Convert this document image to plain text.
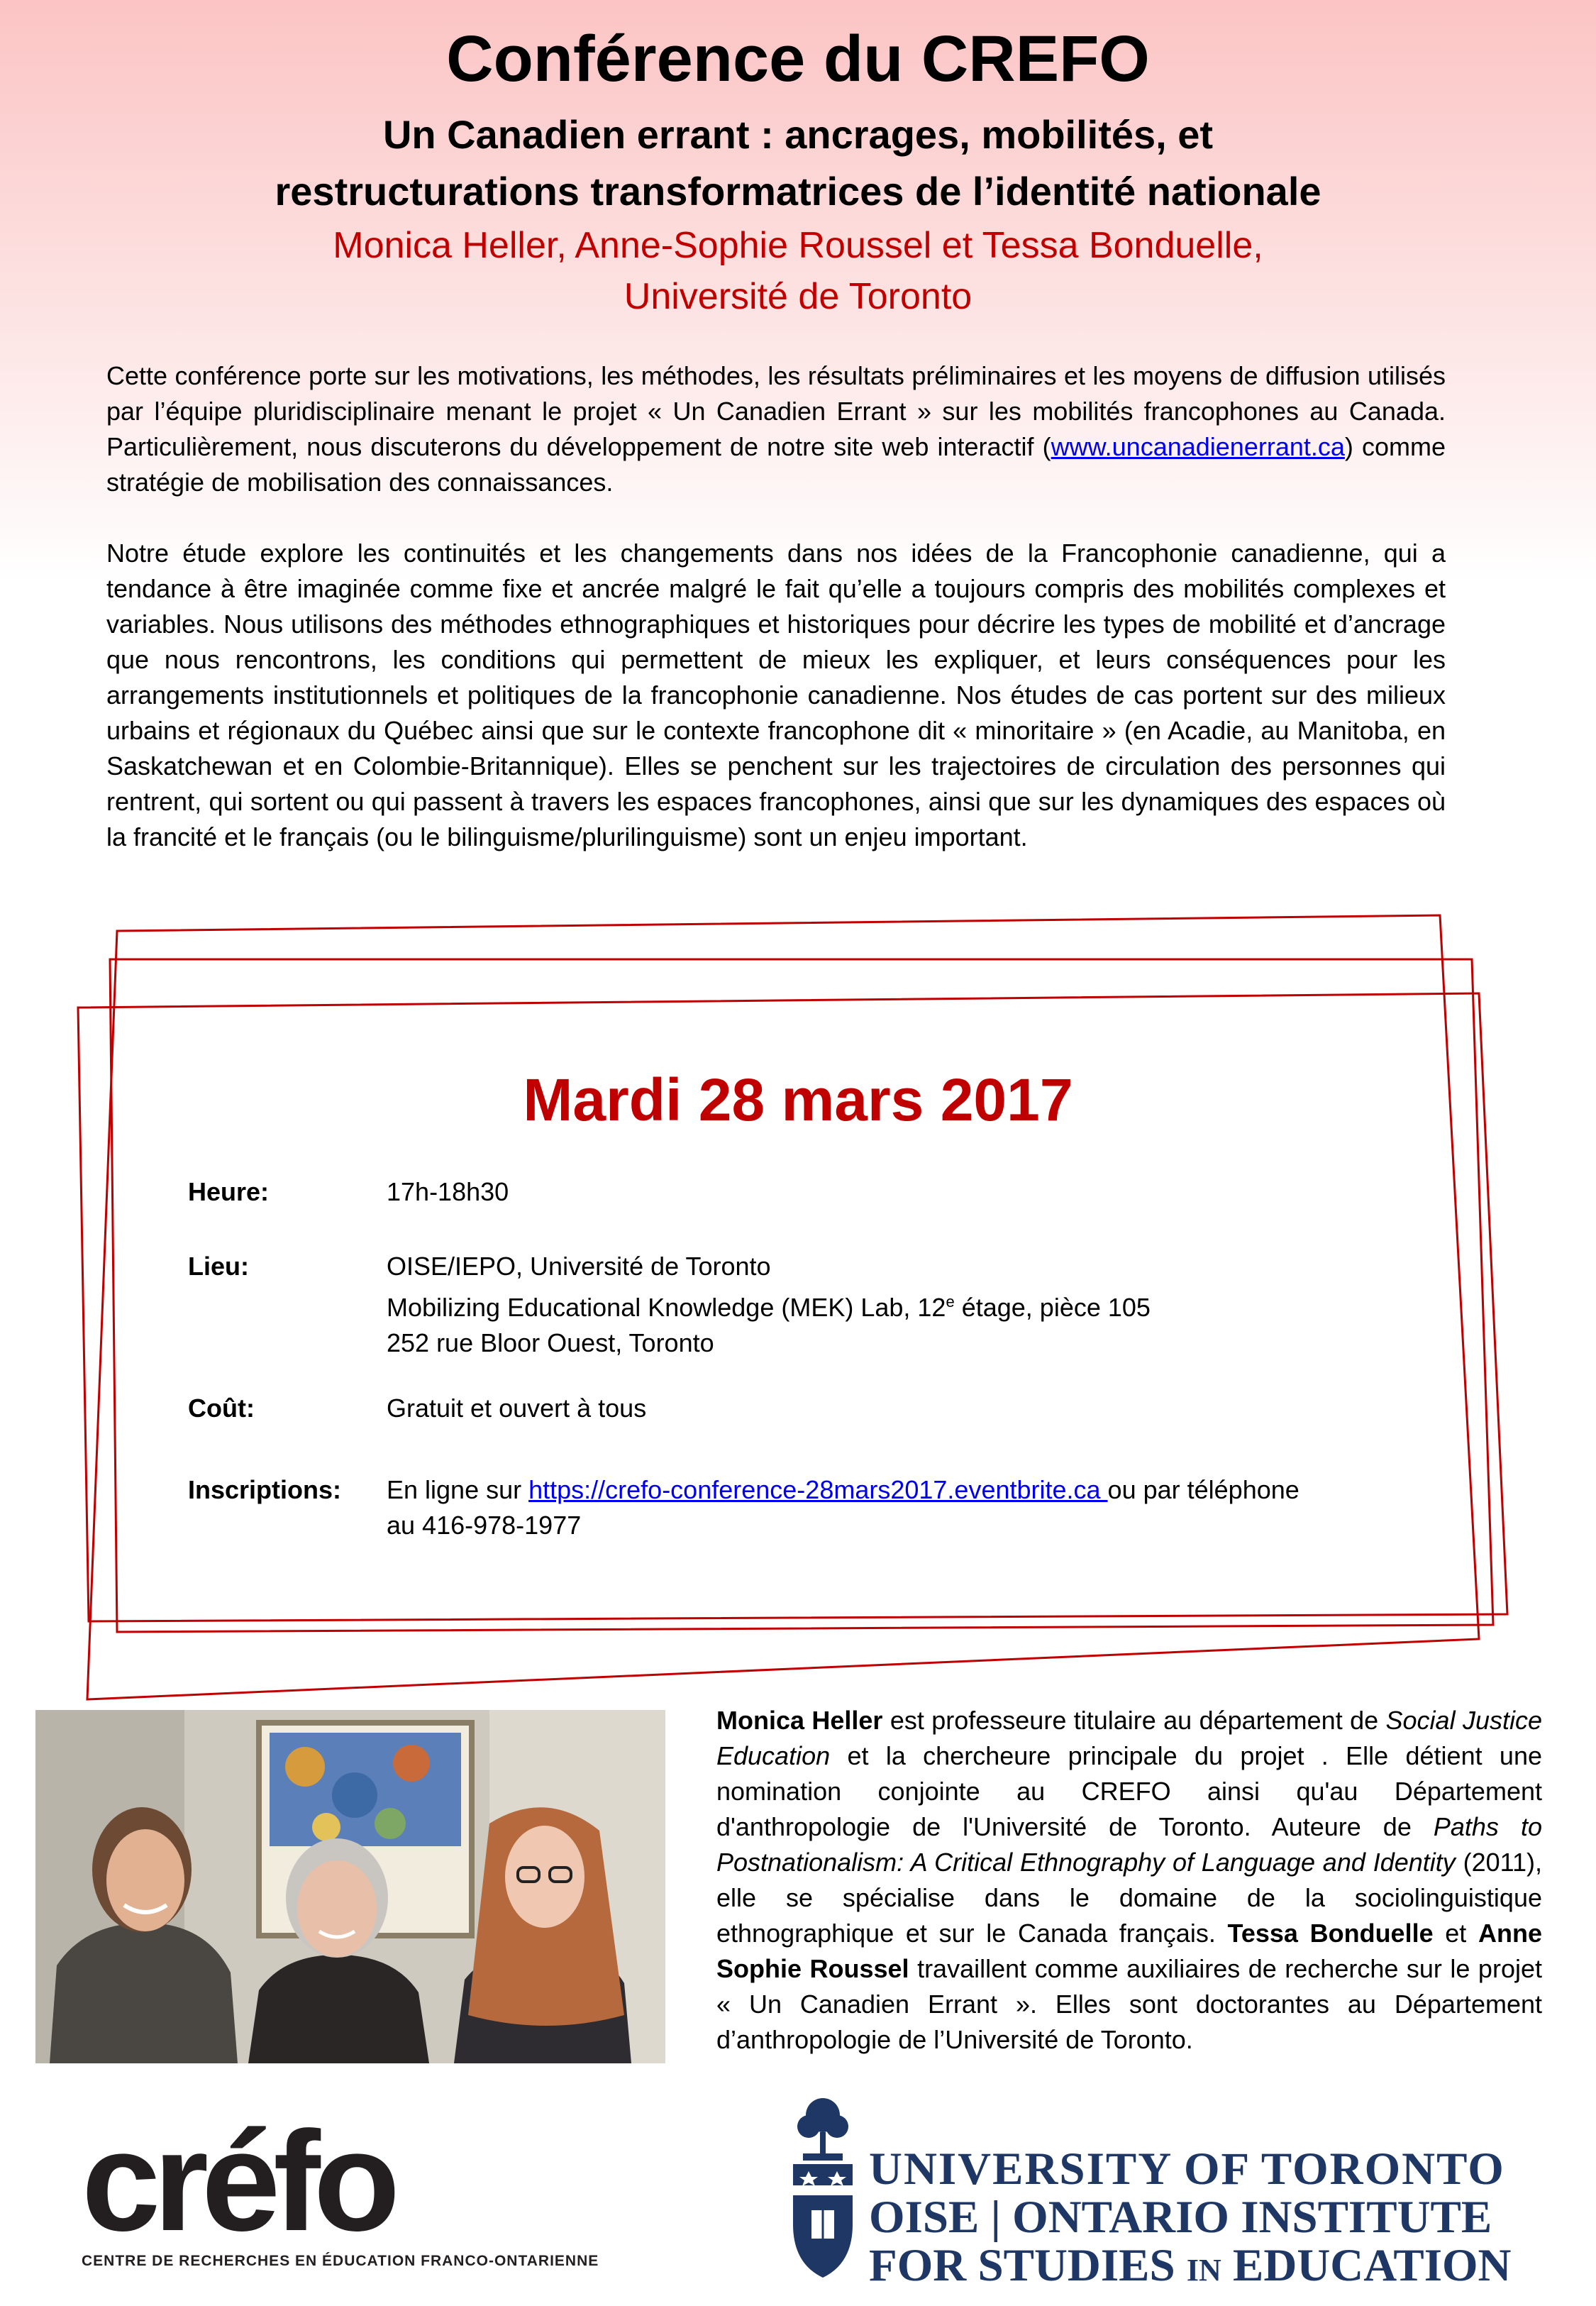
Conférence du CREFO
Un Canadien errant : ancrages, mobilités, et
restructurations transformatrices de l’identité nationale
Monica Heller, Anne-Sophie Roussel et Tessa Bonduelle,
Université de Toronto

Cette conférence porte sur les motivations, les méthodes, les résultats préliminaires et les moyens de diffusion utilisés par l’équipe pluridisciplinaire menant le projet « Un Canadien Errant » sur les mobilités francophones au Canada. Particulièrement, nous discuterons du développement de notre site web interactif (www.uncanadienerrant.ca) comme stratégie de mobilisation des connaissances.

Notre étude explore les continuités et les changements dans nos idées de la Francophonie canadienne, qui a tendance à être imaginée comme fixe et ancrée malgré le fait qu’elle a toujours compris des mobilités complexes et variables. Nous utilisons des méthodes ethnographiques et historiques pour décrire les types de mobilité et d’ancrage que nous rencontrons, les conditions qui permettent de mieux les expliquer, et leurs conséquences pour les arrangements institutionnels et politiques de la francophonie canadienne. Nos études de cas portent sur des milieux urbains et régionaux du Québec ainsi que sur le contexte francophone dit « minoritaire » (en Acadie, au Manitoba, en Saskatchewan et en Colombie-Britannique). Elles se penchent sur les trajectoires de circulation des personnes qui rentrent, qui sortent ou qui passent à travers les espaces francophones, ainsi que sur les dynamiques des espaces où la francité et le français (ou le bilinguisme/plurilinguisme) sont un enjeu important.

Mardi 28 mars 2017
Heure:	17h-18h30
Lieu:	OISE/IEPO, Université de Toronto
Mobilizing Educational Knowledge (MEK) Lab, 12e étage, pièce 105
252 rue Bloor Ouest, Toronto
Coût:	Gratuit et ouvert à tous
Inscriptions: En ligne sur https://crefo-conference-28mars2017.eventbrite.ca ou par téléphone
au 416-978-1977

Monica Heller est professeure titulaire au département de Social Justice Education et la chercheure principale du projet . Elle détient une nomination conjointe au CREFO ainsi qu'au Département d'anthropologie de l'Université de Toronto. Auteure de Paths to Postnationalism: A Critical Ethnography of Language and Identity (2011), elle se spécialise dans le domaine de la sociolinguistique ethnographique et sur le Canada français. Tessa Bonduelle et Anne Sophie Roussel travaillent comme auxiliaires de recherche sur le projet « Un Canadien Errant ». Elles sont doctorantes au Département d’anthropologie de l’Université de Toronto.

créfo
CENTRE DE RECHERCHES EN ÉDUCATION FRANCO-ONTARIENNE
UNIVERSITY OF TORONTO
OISE | ONTARIO INSTITUTE
FOR STUDIES IN EDUCATION
